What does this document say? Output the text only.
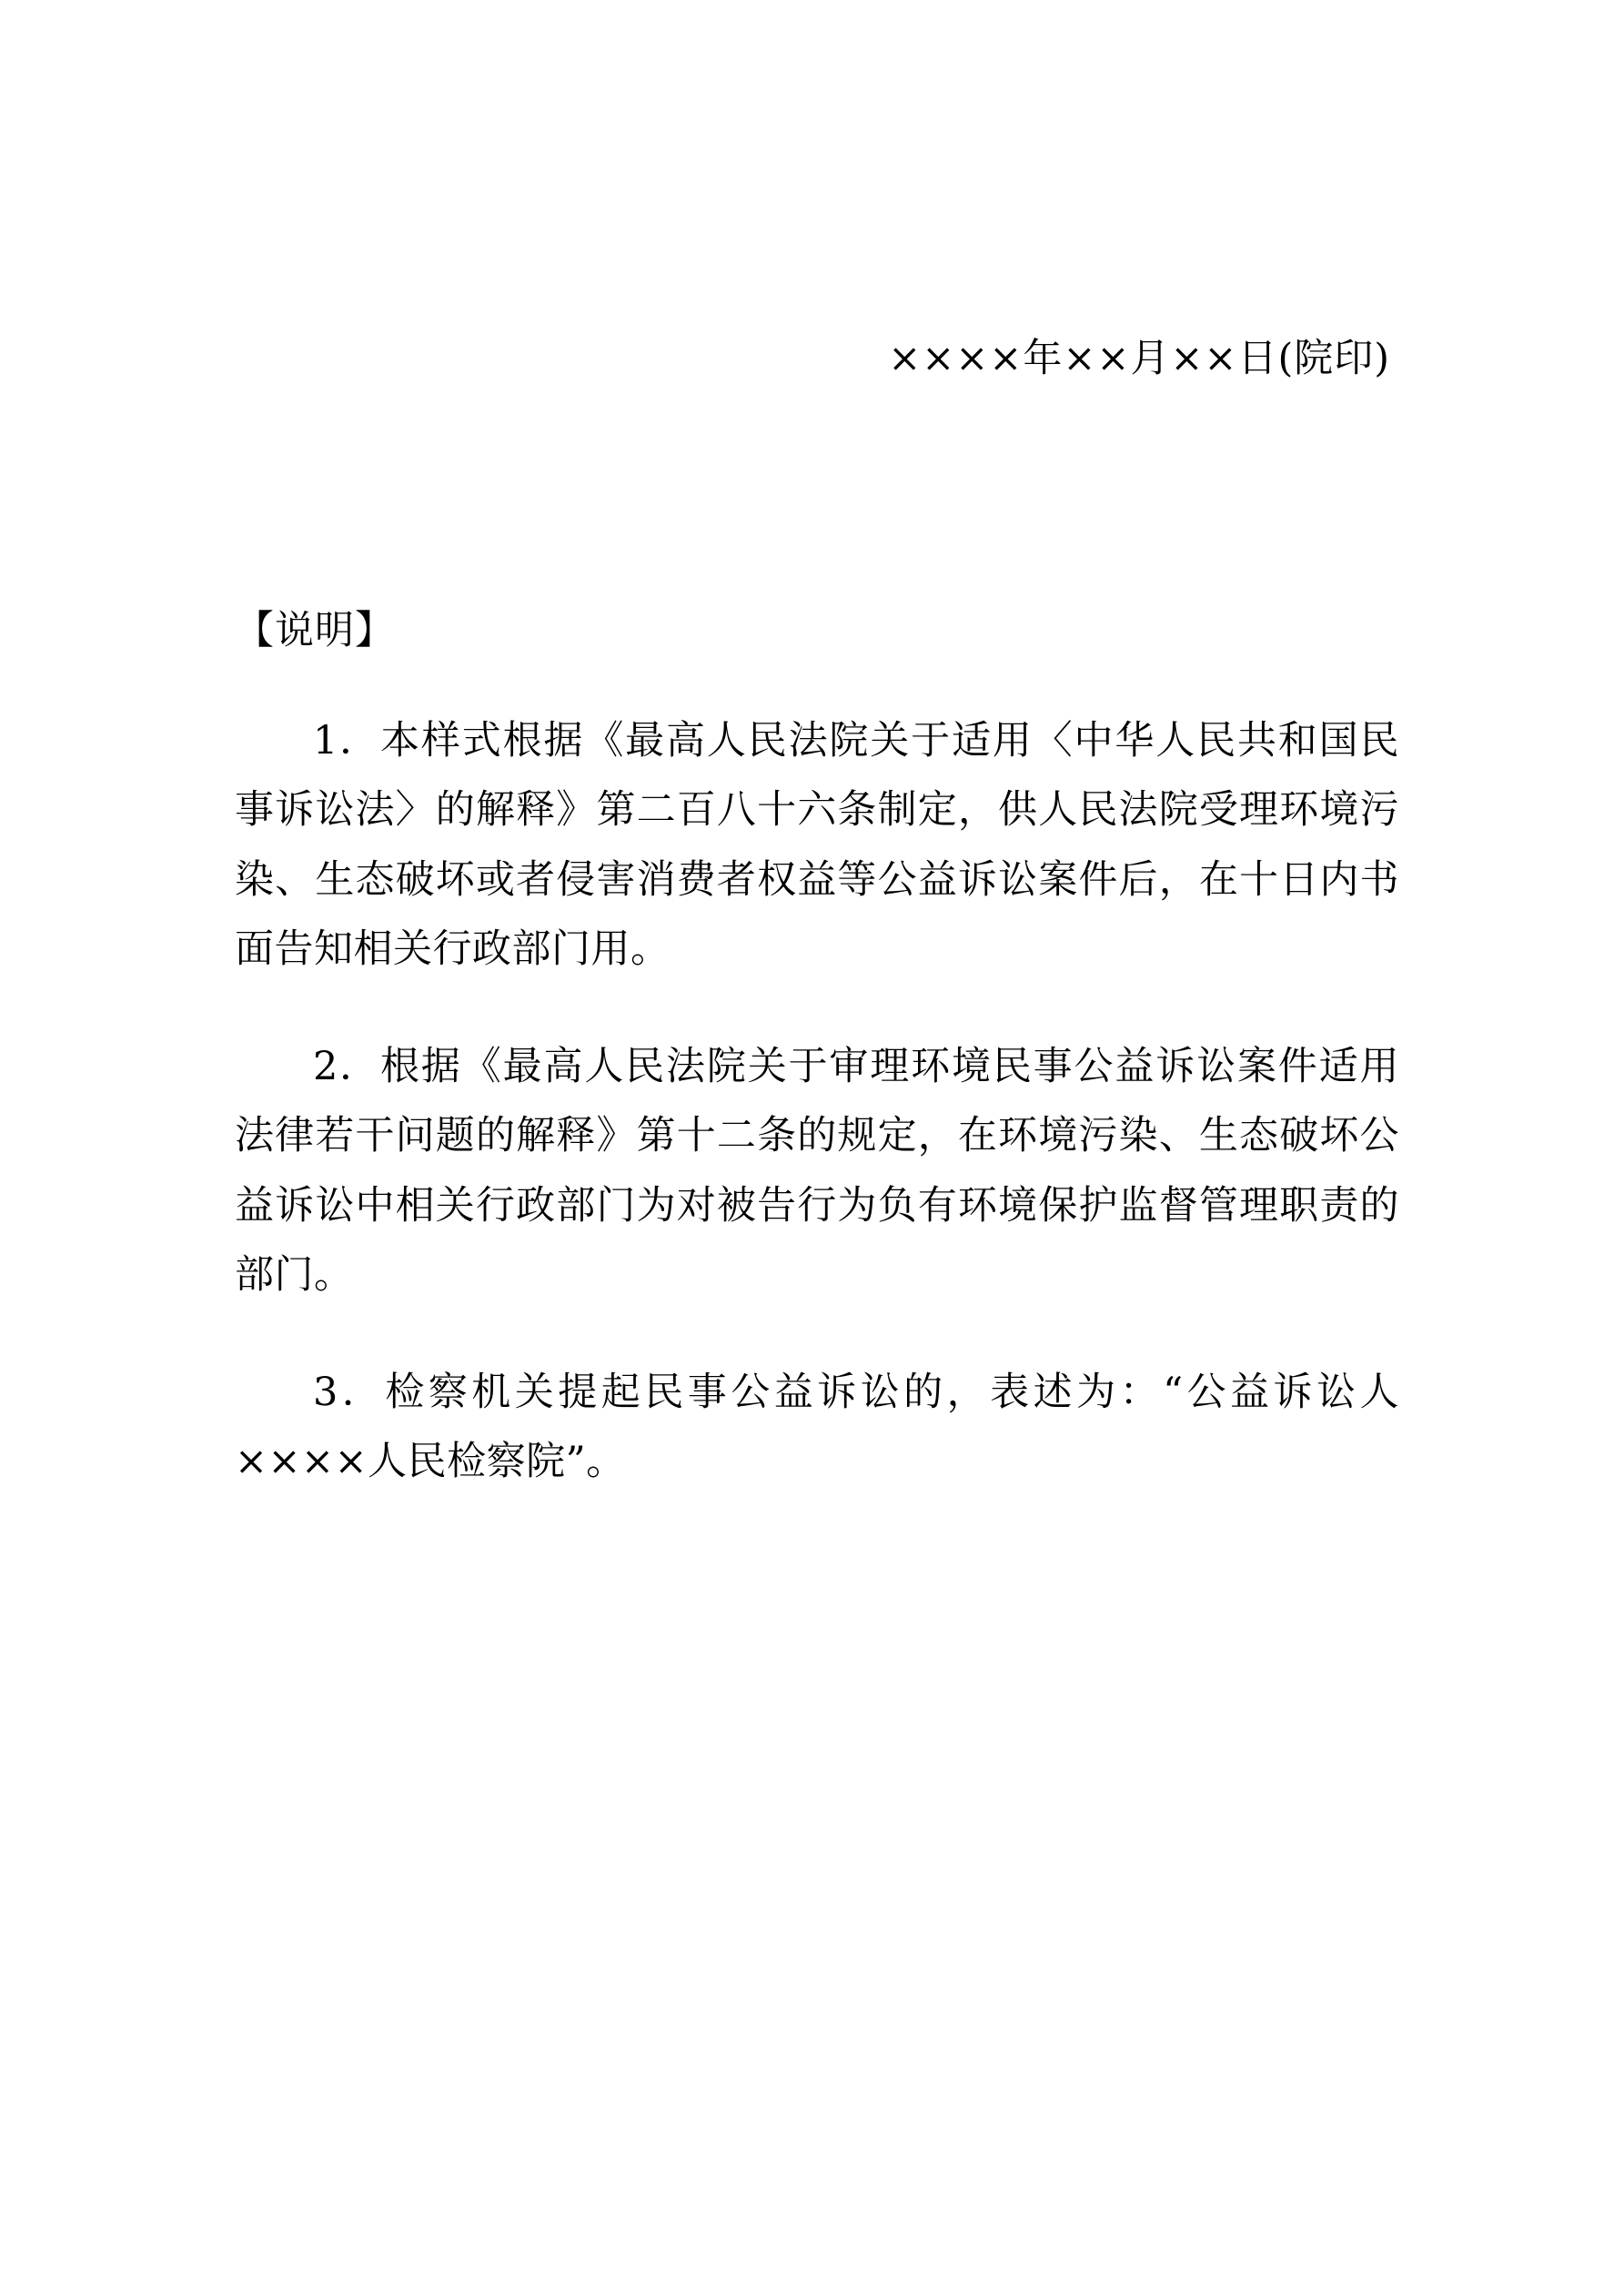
××××年××月××日(院印)
【说明】

1．本样式根据《最高人民法院关于适用〈中华人民共和国民事诉讼法〉的解释》第二百八十六条制定，供人民法院受理环境污染、生态破坏或者侵害消费者权益等公益诉讼案件后，在十日内书面告知相关行政部门用。

2．根据《最高人民法院关于审理环境民事公益诉讼案件适用法律若干问题的解释》第十二条的规定，在环境污染、生态破坏公益诉讼中相关行政部门为对被告行为负有环境保护监督管理职责的部门。

3．检察机关提起民事公益诉讼的，表述为：“公益诉讼人××××人民检察院”。
